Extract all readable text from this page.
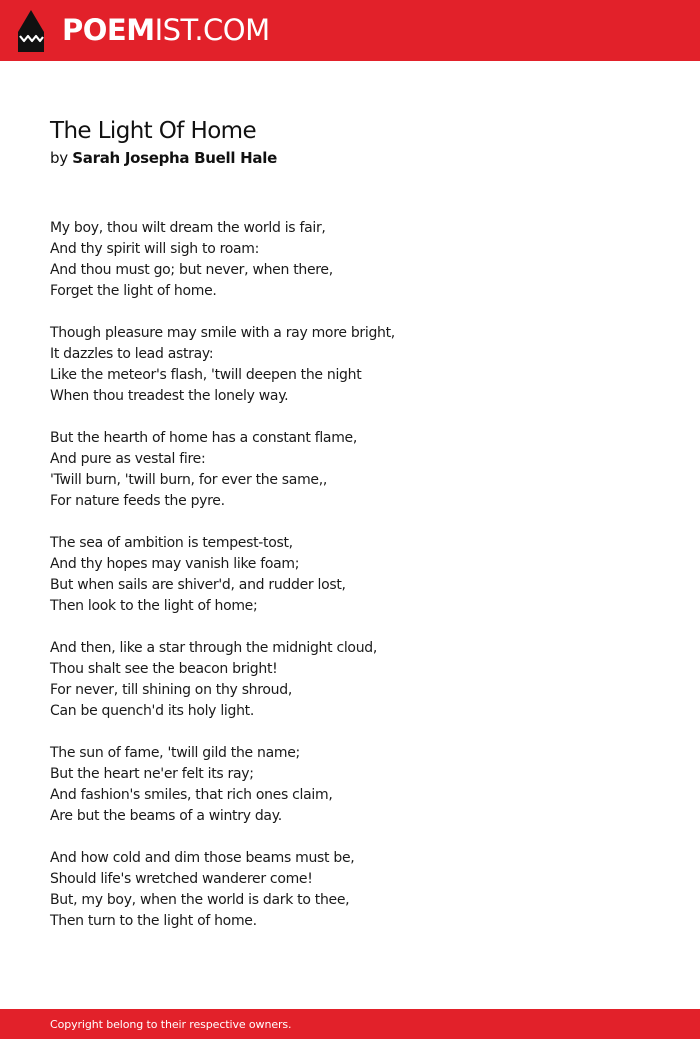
POEMIST.COM
The Light Of Home
by Sarah Josepha Buell Hale
My boy, thou wilt dream the world is fair,
And thy spirit will sigh to roam:
And thou must go; but never, when there,
Forget the light of home.
Though pleasure may smile with a ray more bright,
It dazzles to lead astray:
Like the meteor's flash, 'twill deepen the night
When thou treadest the lonely way.
But the hearth of home has a constant flame,
And pure as vestal fire:
'Twill burn, 'twill burn, for ever the same,,
For nature feeds the pyre.
The sea of ambition is tempest-tost,
And thy hopes may vanish like foam;
But when sails are shiver'd, and rudder lost,
Then look to the light of home;
And then, like a star through the midnight cloud,
Thou shalt see the beacon bright!
For never, till shining on thy shroud,
Can be quench'd its holy light.
The sun of fame, 'twill gild the name;
But the heart ne'er felt its ray;
And fashion's smiles, that rich ones claim,
Are but the beams of a wintry day.
And how cold and dim those beams must be,
Should life's wretched wanderer come!
But, my boy, when the world is dark to thee,
Then turn to the light of home.
Copyright belong to their respective owners.
